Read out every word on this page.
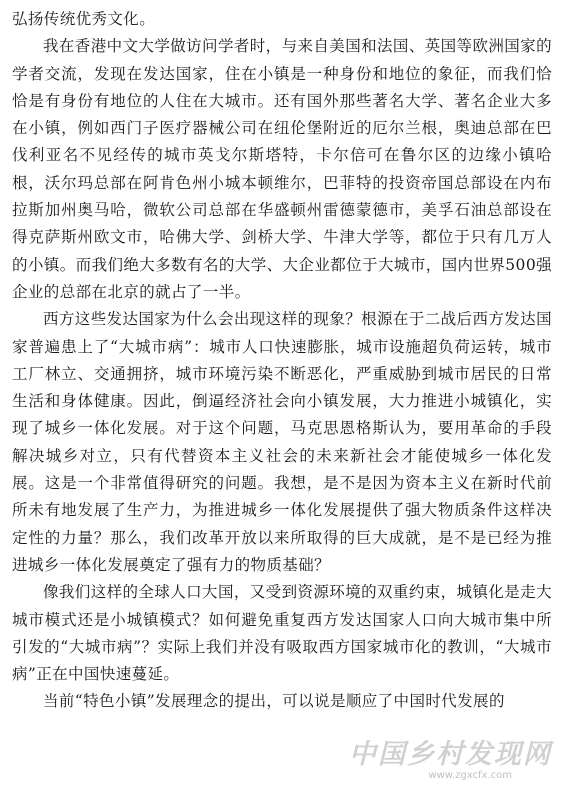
弘扬传统优秀文化。

我在香港中文大学做访问学者时，与来自美国和法国、英国等欧洲国家的学者交流，发现在发达国家，住在小镇是一种身份和地位的象征，而我们恰恰是有身份有地位的人住在大城市。还有国外那些著名大学、著名企业大多在小镇，例如西门子医疗器械公司在纽伦堡附近的厄尔兰根，奥迪总部在巴伐利亚名不见经传的城市英戈尔斯塔特，卡尔倍可在鲁尔区的边缘小镇哈根，沃尔玛总部在阿肯色州小城本顿维尔，巴菲特的投资帝国总部设在内布拉斯加州奥马哈，微软公司总部在华盛顿州雷德蒙德市，美孚石油总部设在得克萨斯州欧文市，哈佛大学、剑桥大学、牛津大学等，都位于只有几万人的小镇。而我们绝大多数有名的大学、大企业都位于大城市，国内世界500强企业的总部在北京的就占了一半。

西方这些发达国家为什么会出现这样的现象？根源在于二战后西方发达国家普遍患上了“大城市病”：城市人口快速膨胀，城市设施超负荷运转，城市工厂林立、交通拥挤，城市环境污染不断恶化，严重威胁到城市居民的日常生活和身体健康。因此，倒逼经济社会向小镇发展，大力推进小城镇化，实现了城乡一体化发展。对于这个问题，马克思恩格斯认为，要用革命的手段解决城乡对立，只有代替资本主义社会的未来新社会才能使城乡一体化发展。这是一个非常值得研究的问题。我想，是不是因为资本主义在新时代前所未有地发展了生产力，为推进城乡一体化发展提供了强大物质条件这样决定性的力量？那么，我们改革开放以来所取得的巨大成就，是不是已经为推进城乡一体化发展奠定了强有力的物质基础？

像我们这样的全球人口大国，又受到资源环境的双重约束，城镇化是走大城市模式还是小城镇模式？如何避免重复西方发达国家人口向大城市集中所引发的“大城市病”？实际上我们并没有吸取西方国家城市化的教训，“大城市病”正在中国快速蔓延。

当前“特色小镇”发展理念的提出，可以说是顺应了中国时代发展的

中国乡村发现网
www.zgxcfx.com
